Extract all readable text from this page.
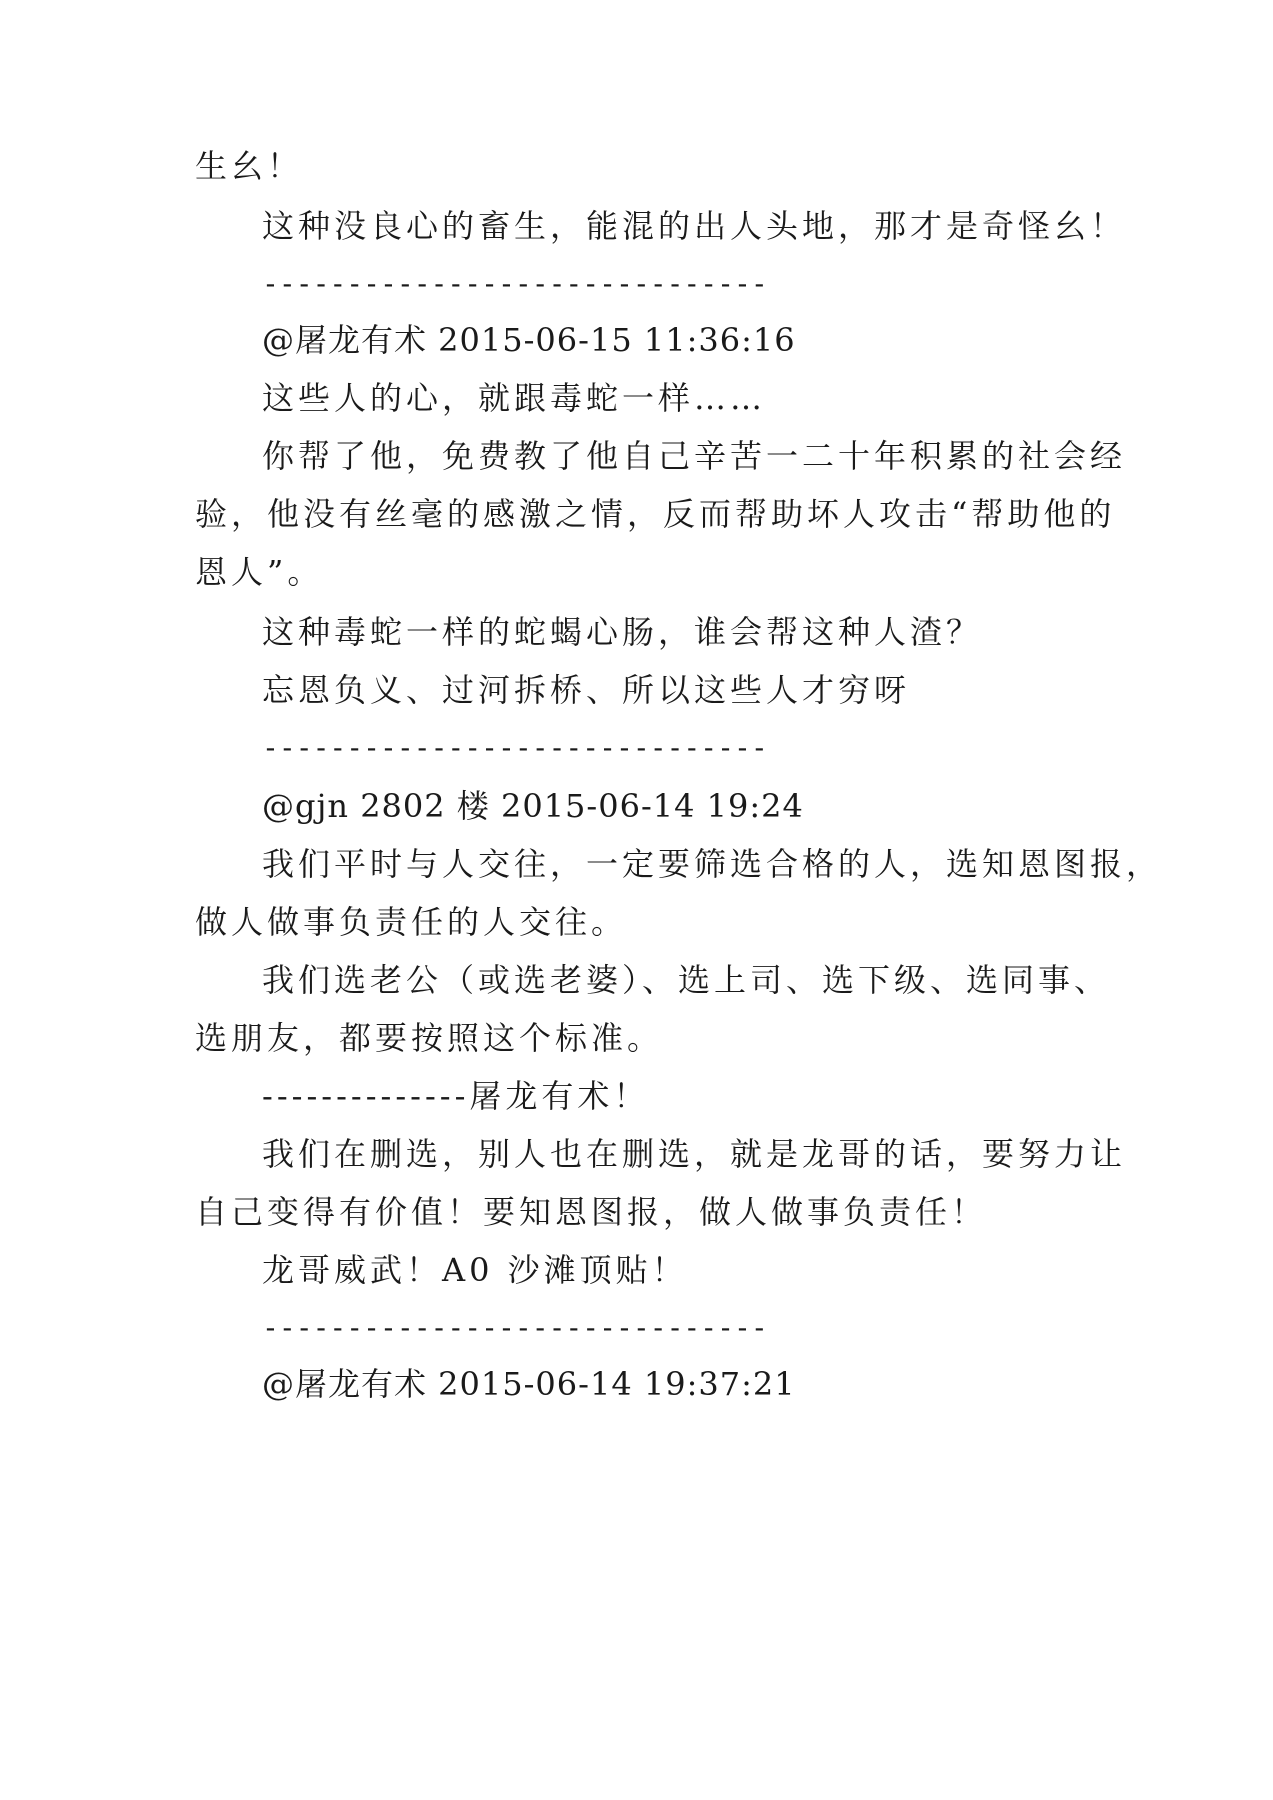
生幺！
这种没良心的畜生，能混的出人头地，那才是奇怪幺！
------------------------------
@屠龙有术 2015-06-15 11:36:16
这些人的心，就跟毒蛇一样……
你帮了他，免费教了他自己辛苦一二十年积累的社会经
验，他没有丝毫的感激之情，反而帮助坏人攻击“帮助他的
恩人”。
这种毒蛇一样的蛇蝎心肠，谁会帮这种人渣？
忘恩负义、过河拆桥、所以这些人才穷呀
------------------------------
@gjn 2802 楼 2015-06-14 19:24
我们平时与人交往，一定要筛选合格的人，选知恩图报，
做人做事负责任的人交往。
我们选老公（或选老婆）、选上司、选下级、选同事、
选朋友，都要按照这个标准。
--------------屠龙有术！
我们在删选，别人也在删选，就是龙哥的话，要努力让
自己变得有价值！要知恩图报，做人做事负责任！
龙哥威武！A0 沙滩顶贴！
------------------------------
@屠龙有术 2015-06-14 19:37:21
